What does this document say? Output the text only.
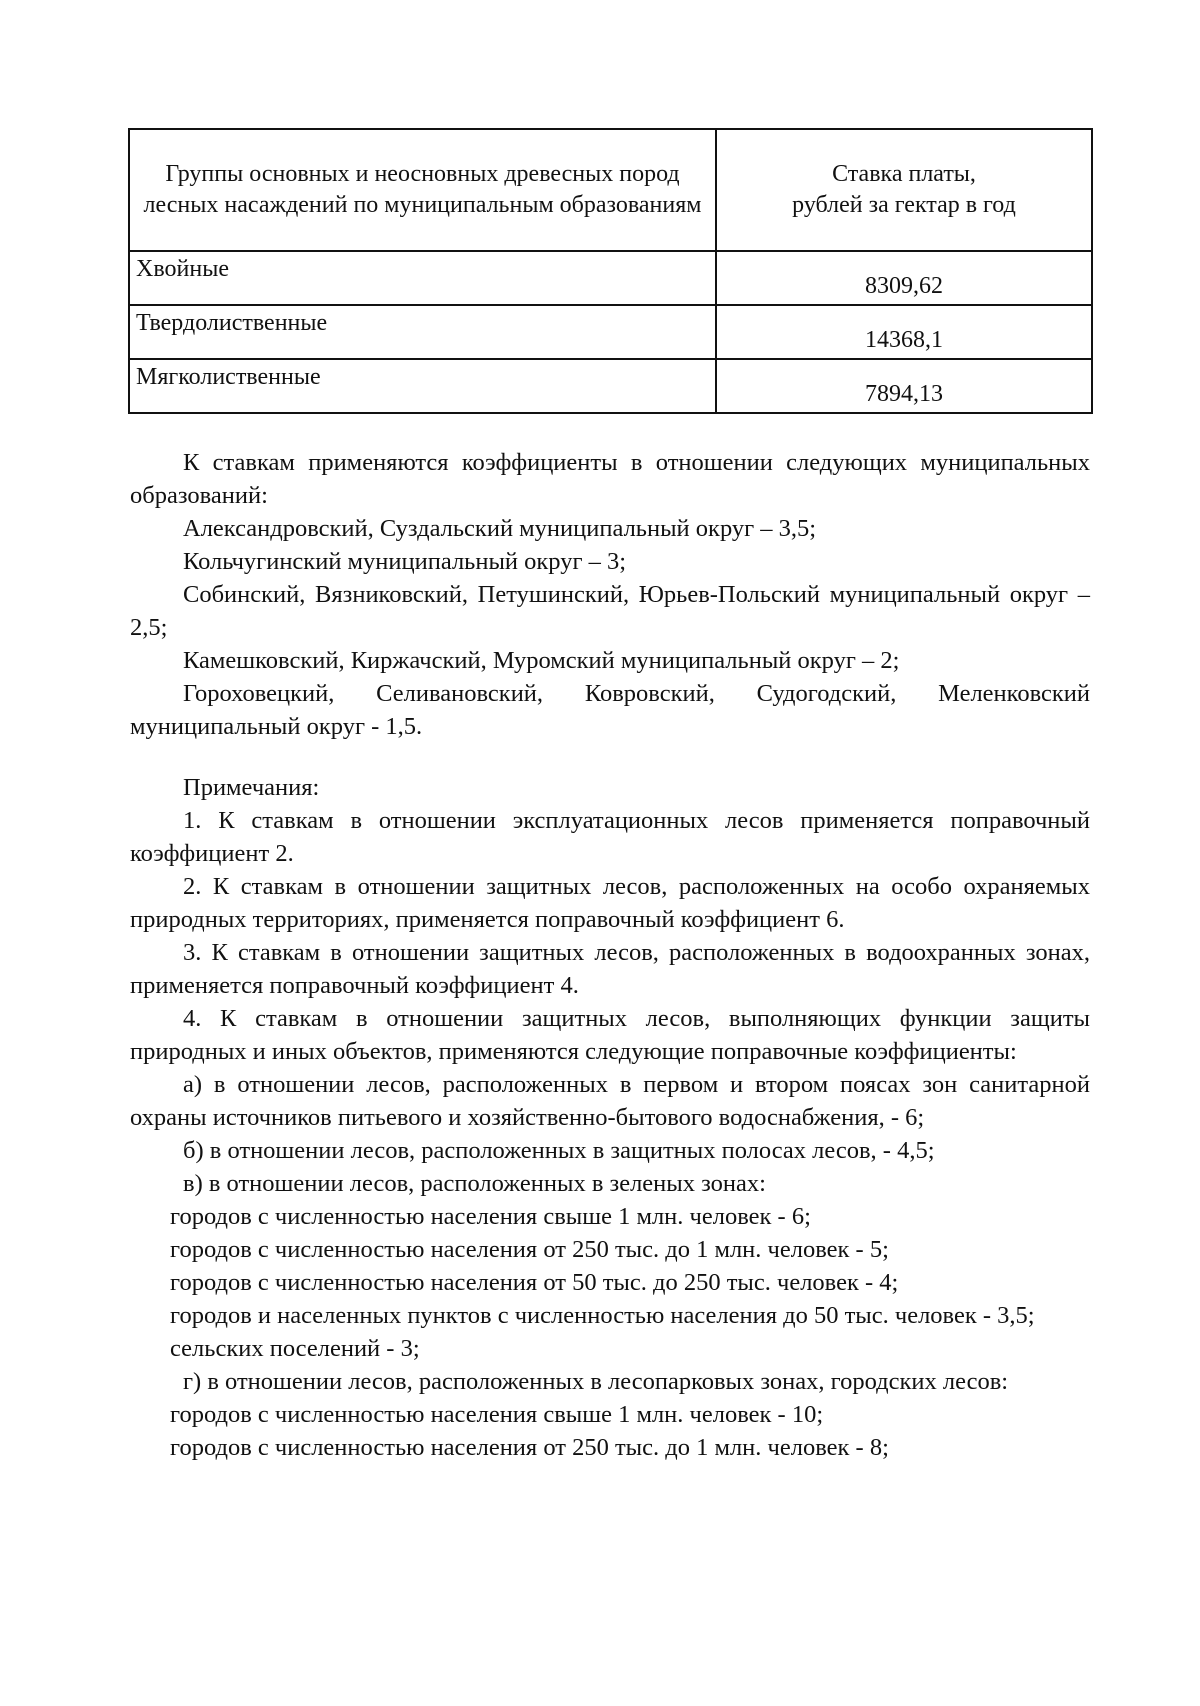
Группы основных и неосновных древесных пород лесных насаждений по муниципальным образованиям	Ставка платы,
рублей за гектар в год
Хвойные	8309,62
Твердолиственные	14368,1
Мягколиственные	7894,13

К ставкам применяются коэффициенты в отношении следующих муниципальных образований:

Александровский, Суздальский муниципальный округ – 3,5;

Кольчугинский муниципальный округ – 3;

Собинский, Вязниковский, Петушинский, Юрьев-Польский муниципальный округ – 2,5;

Камешковский, Киржачский, Муромский муниципальный округ – 2;

Гороховецкий, Селивановский, Ковровский, Судогодский, Меленковский муниципальный округ - 1,5.

Примечания:

1. К ставкам в отношении эксплуатационных лесов применяется поправочный коэффициент 2.

2. К ставкам в отношении защитных лесов, расположенных на особо охраняемых природных территориях, применяется поправочный коэффициент 6.

3. К ставкам в отношении защитных лесов, расположенных в водоохранных зонах, применяется поправочный коэффициент 4.

4. К ставкам в отношении защитных лесов, выполняющих функции защиты природных и иных объектов, применяются следующие поправочные коэффициенты:

а) в отношении лесов, расположенных в первом и втором поясах зон санитарной охраны источников питьевого и хозяйственно-бытового водоснабжения, - 6;

б) в отношении лесов, расположенных в защитных полосах лесов, - 4,5;

в) в отношении лесов, расположенных в зеленых зонах:

городов с численностью населения свыше 1 млн. человек - 6;

городов с численностью населения от 250 тыс. до 1 млн. человек - 5;

городов с численностью населения от 50 тыс. до 250 тыс. человек - 4;

городов и населенных пунктов с численностью населения до 50 тыс. человек - 3,5;

сельских поселений - 3;

г) в отношении лесов, расположенных в лесопарковых зонах, городских лесов:

городов с численностью населения свыше 1 млн. человек - 10;

городов с численностью населения от 250 тыс. до 1 млн. человек - 8;
